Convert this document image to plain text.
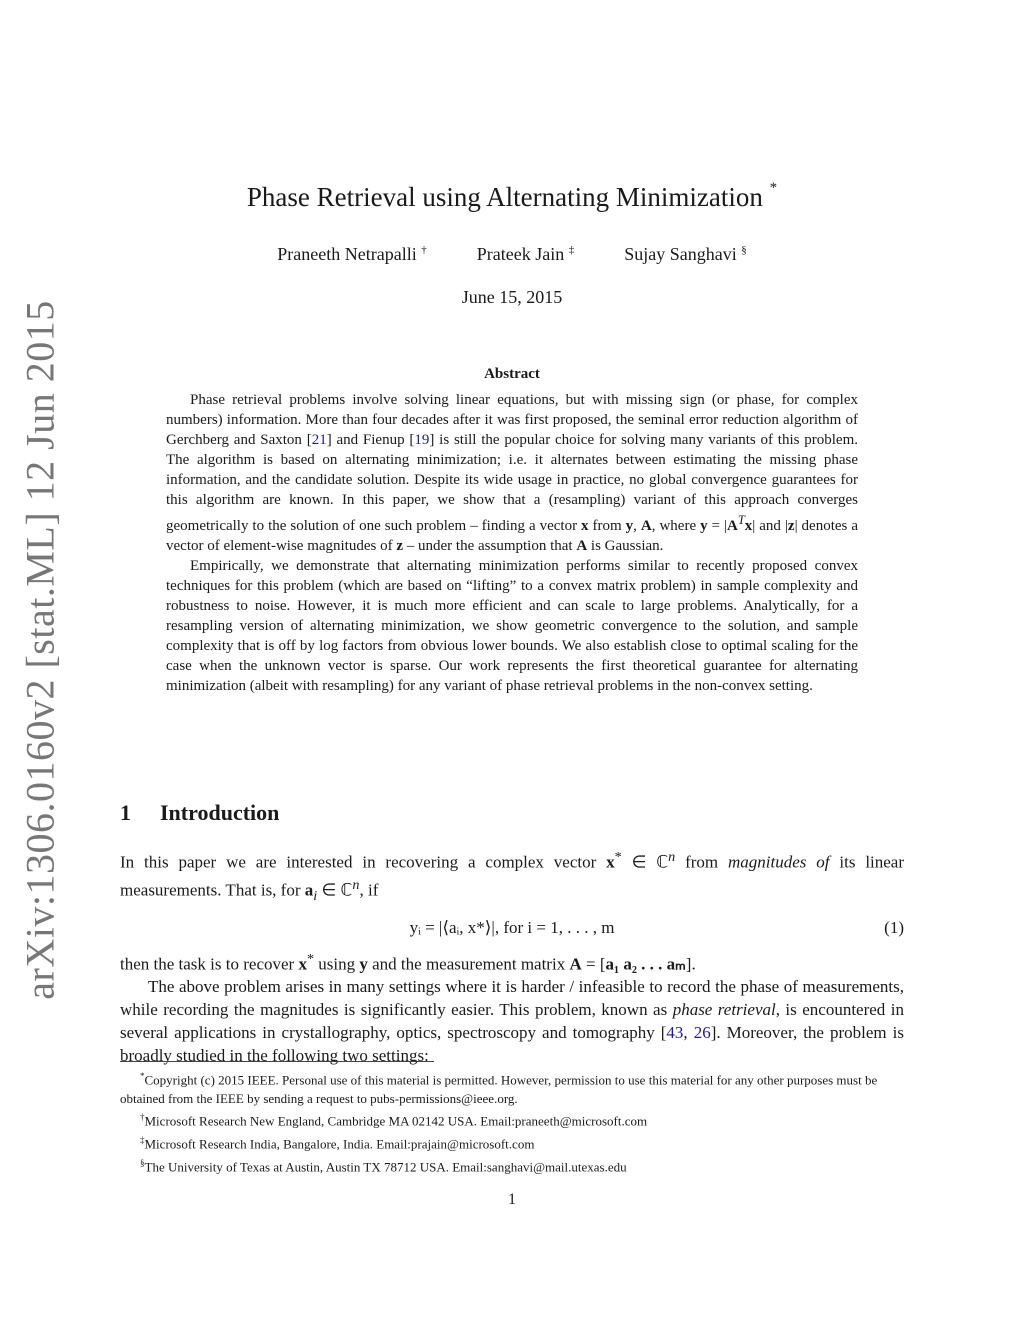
arXiv:1306.0160v2 [stat.ML] 12 Jun 2015
Phase Retrieval using Alternating Minimization *
Praneeth Netrapalli †	Prateek Jain ‡	Sujay Sanghavi §
June 15, 2015
Abstract

Phase retrieval problems involve solving linear equations, but with missing sign (or phase, for complex numbers) information. More than four decades after it was first proposed, the seminal error reduction algorithm of Gerchberg and Saxton [21] and Fienup [19] is still the popular choice for solving many variants of this problem. The algorithm is based on alternating minimization; i.e. it alternates between estimating the missing phase information, and the candidate solution. Despite its wide usage in practice, no global convergence guarantees for this algorithm are known. In this paper, we show that a (resampling) variant of this approach converges geometrically to the solution of one such problem – finding a vector x from y, A, where $y = |A^Tx|$ and |z| denotes a vector of element-wise magnitudes of z – under the assumption that A is Gaussian.

Empirically, we demonstrate that alternating minimization performs similar to recently proposed convex techniques for this problem (which are based on “lifting” to a convex matrix problem) in sample complexity and robustness to noise. However, it is much more efficient and can scale to large problems. Analytically, for a resampling version of alternating minimization, we show geometric convergence to the solution, and sample complexity that is off by log factors from obvious lower bounds. We also establish close to optimal scaling for the case when the unknown vector is sparse. Our work represents the first theoretical guarantee for alternating minimization (albeit with resampling) for any variant of phase retrieval problems in the non-convex setting.

1 Introduction

In this paper we are interested in recovering a complex vector x* ∈ ℂ$^n$ from magnitudes of its linear measurements. That is, for $a_i$ ∈ ℂ$^n$, if

yᵢ = |⟨aᵢ, x*⟩|, for i = 1, . . . , m	(1)

then the task is to recover x* using y and the measurement matrix A = [a₁ a₂ . . . aₘ].

The above problem arises in many settings where it is harder / infeasible to record the phase of measurements, while recording the magnitudes is significantly easier. This problem, known as phase retrieval, is encountered in several applications in crystallography, optics, spectroscopy and tomography [43, 26]. Moreover, the problem is broadly studied in the following two settings:

*Copyright (c) 2015 IEEE. Personal use of this material is permitted. However, permission to use this material for any other purposes must be obtained from the IEEE by sending a request to pubs-permissions@ieee.org.

†Microsoft Research New England, Cambridge MA 02142 USA. Email:praneeth@microsoft.com

‡Microsoft Research India, Bangalore, India. Email:prajain@microsoft.com

§The University of Texas at Austin, Austin TX 78712 USA. Email:sanghavi@mail.utexas.edu

1
